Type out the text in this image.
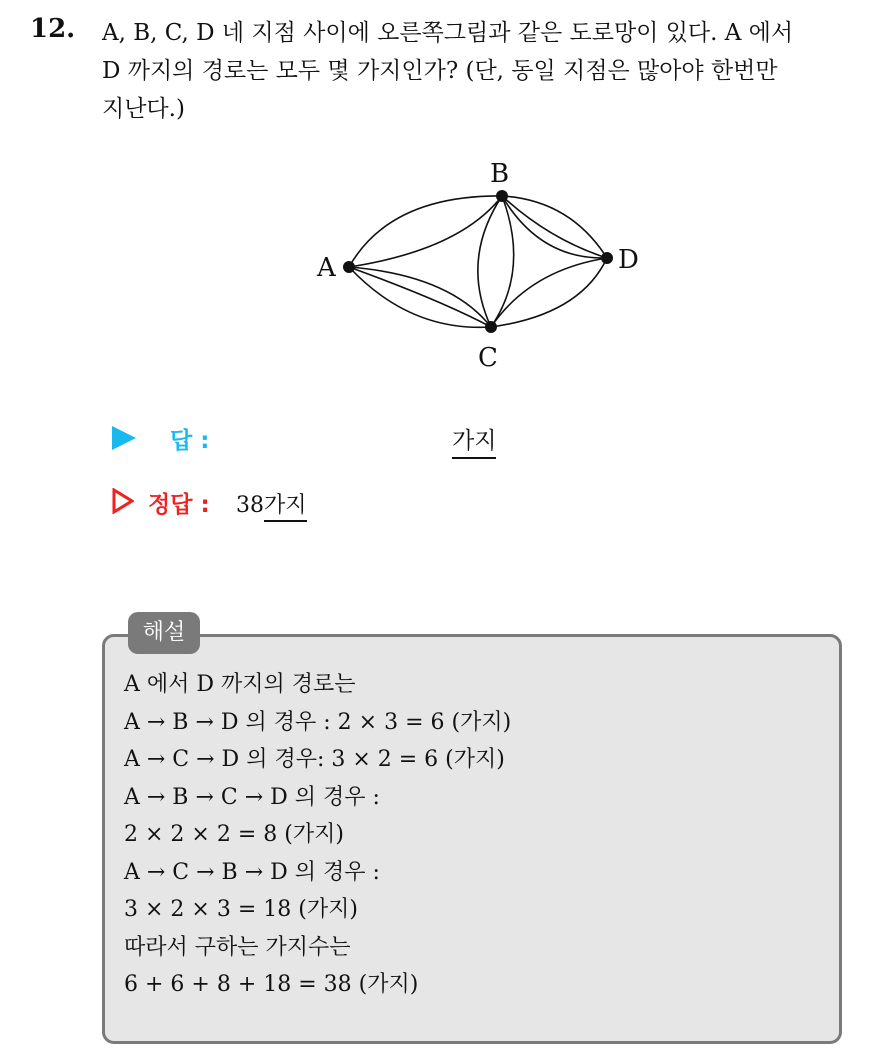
12. A, B, C, D 네 지점 사이에 오른쪽그림과 같은 도로망이 있다. A 에서
D 까지의 경로는 모두 몇 가지인가? (단, 동일 지점은 많아야 한번만
지난다.)
A
B
C
D
답 :	가지
정답 : 38가지
해설
A 에서 D 까지의 경로는
A → B → D 의 경우 : 2 × 3 = 6 (가지)
A → C → D 의 경우: 3 × 2 = 6 (가지)
A → B → C → D 의 경우 :
2 × 2 × 2 = 8 (가지)
A → C → B → D 의 경우 :
3 × 2 × 3 = 18 (가지)
따라서 구하는 가지수는
6 + 6 + 8 + 18 = 38 (가지)
